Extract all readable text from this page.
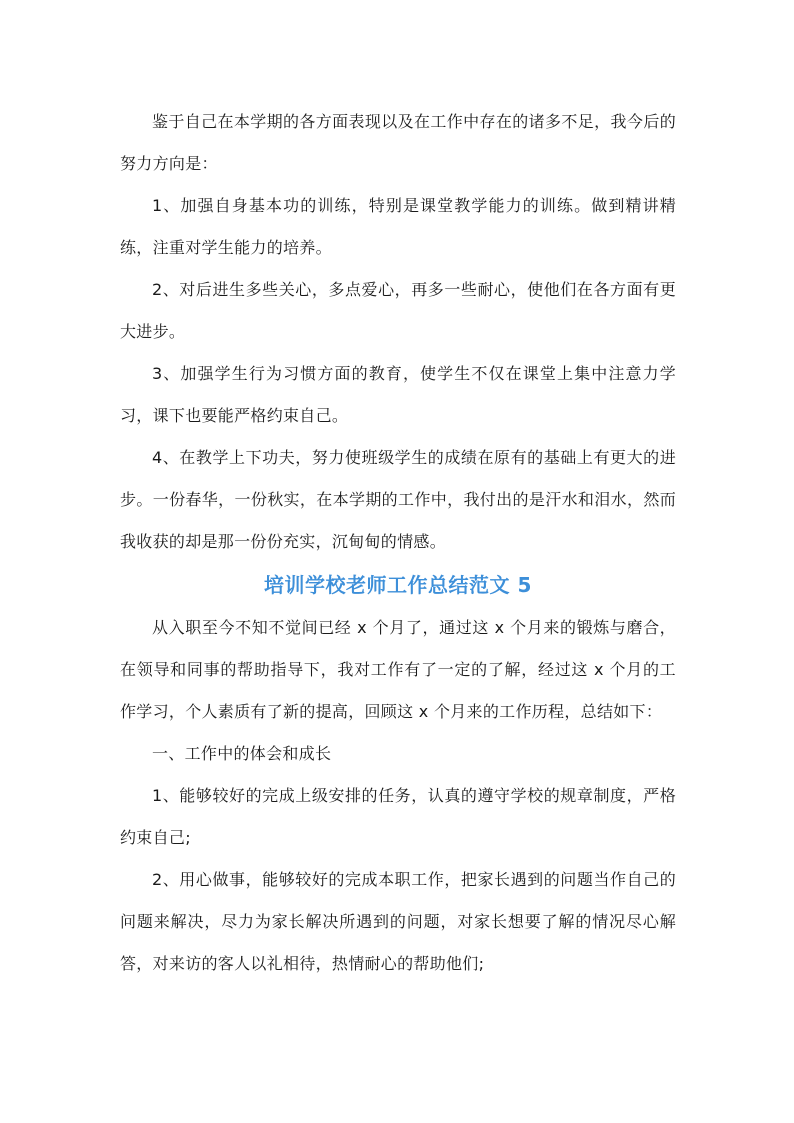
鉴于自己在本学期的各方面表现以及在工作中存在的诸多不足，我今后的努力方向是：

1、加强自身基本功的训练，特别是课堂教学能力的训练。做到精讲精练，注重对学生能力的培养。

2、对后进生多些关心，多点爱心，再多一些耐心，使他们在各方面有更大进步。

3、加强学生行为习惯方面的教育，使学生不仅在课堂上集中注意力学习，课下也要能严格约束自己。

4、在教学上下功夫，努力使班级学生的成绩在原有的基础上有更大的进步。一份春华，一份秋实，在本学期的工作中，我付出的是汗水和泪水，然而我收获的却是那一份份充实，沉甸甸的情感。

培训学校老师工作总结范文 5

从入职至今不知不觉间已经 x 个月了，通过这 x 个月来的锻炼与磨合，在领导和同事的帮助指导下，我对工作有了一定的了解，经过这 x 个月的工作学习，个人素质有了新的提高，回顾这 x 个月来的工作历程，总结如下：

一、工作中的体会和成长

1、能够较好的完成上级安排的任务，认真的遵守学校的规章制度，严格约束自己;

2、用心做事，能够较好的完成本职工作，把家长遇到的问题当作自己的问题来解决，尽力为家长解决所遇到的问题，对家长想要了解的情况尽心解答，对来访的客人以礼相待，热情耐心的帮助他们;
